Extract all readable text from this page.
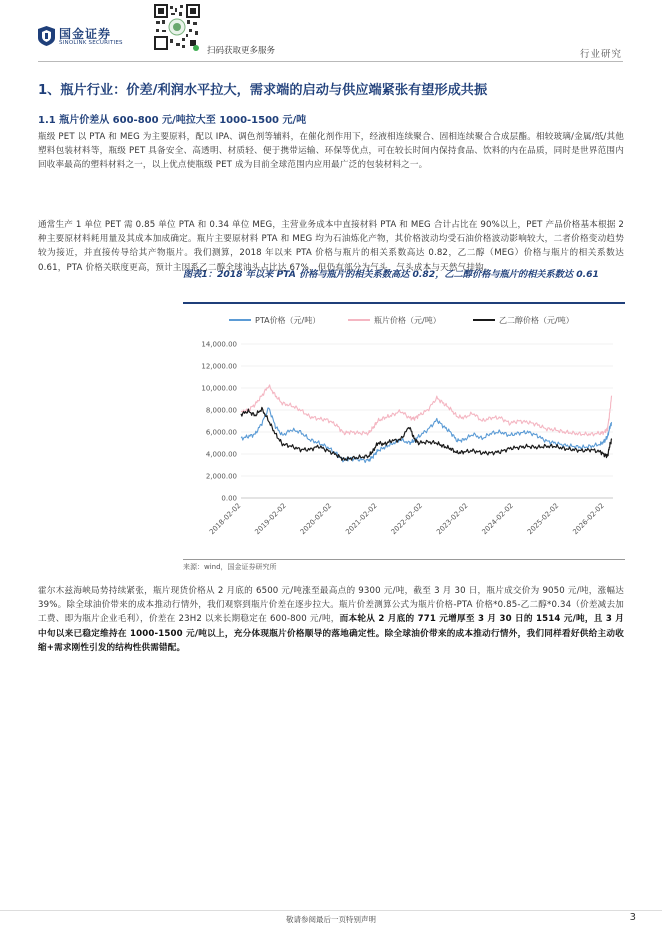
国金证券
SINOLINK SECURITIES
扫码获取更多服务	行业研究
1、瓶片行业：价差/利润水平拉大，需求端的启动与供应端紧张有望形成共振
1.1 瓶片价差从 600-800 元/吨拉大至 1000-1500 元/吨

瓶级 PET 以 PTA 和 MEG 为主要原料，配以 IPA、调色剂等辅料，在催化剂作用下，经液相连续聚合、固相连续聚合合成层酯。相较玻璃/金属/纸/其他塑料包装材料等，瓶级 PET 具备安全、高透明、材质轻、便于携带运输、环保等优点，可在较长时间内保持食品、饮料的内在品质，同时是世界范围内回收率最高的塑料材料之一，以上优点使瓶级 PET 成为目前全球范围内应用最广泛的包装材料之一。

通常生产 1 单位 PET 需 0.85 单位 PTA 和 0.34 单位 MEG，主营业务成本中直接材料 PTA 和 MEG 合计占比在 90%以上，PET 产品价格基本根据 2 种主要原材料耗用量及其成本加成确定。瓶片主要原材料 PTA 和 MEG 均为石油炼化产物，其价格波动均受石油价格波动影响较大，二者价格变动趋势较为接近，并直接传导给其产物瓶片。我们测算，2018 年以来 PTA 价格与瓶片的相关系数高达 0.82，乙二醇（MEG）价格与瓶片的相关系数达 0.61，PTA 价格关联度更高，预计主因系乙二醇全球油头占比达 67%，但仍有部分为气头，气头成本与天然气挂钩。

图表1：2018 年以来 PTA 价格与瓶片的相关系数高达 0.82，乙二醇价格与瓶片的相关系数达 0.61
PTA价格（元/吨）	瓶片价格（元/吨）	乙二醇价格（元/吨）
0.00
2,000.00
4,000.00
6,000.00
8,000.00
10,000.00
12,000.00
14,000.00
2018-02-02 2019-02-02 2020-02-02 2021-02-02 2022-02-02 2023-02-02 2024-02-02 2025-02-02 2026-02-02
来源：wind，国金证券研究所

霍尔木兹海峡局势持续紧张，瓶片现货价格从 2 月底的 6500 元/吨涨至最高点的 9300 元/吨，截至 3 月 30 日，瓶片成交价为 9050 元/吨，涨幅达 39%。除全球油价带来的成本推动行情外，我们观察到瓶片价差在逐步拉大。瓶片价差测算公式为瓶片价格-PTA 价格*0.85-乙二醇*0.34（价差减去加工费、即为瓶片企业毛利），价差在 23H2 以来长期稳定在 600-800 元/吨，而本轮从 2 月底的 771 元增厚至 3 月 30 日的 1514 元/吨，且 3 月中旬以来已稳定维持在 1000-1500 元/吨以上，充分体现瓶片价格顺导的落地确定性。除全球油价带来的成本推动行情外，我们同样看好供给主动收缩+需求刚性引发的结构性供需错配。

敬请参阅最后一页特别声明	3
